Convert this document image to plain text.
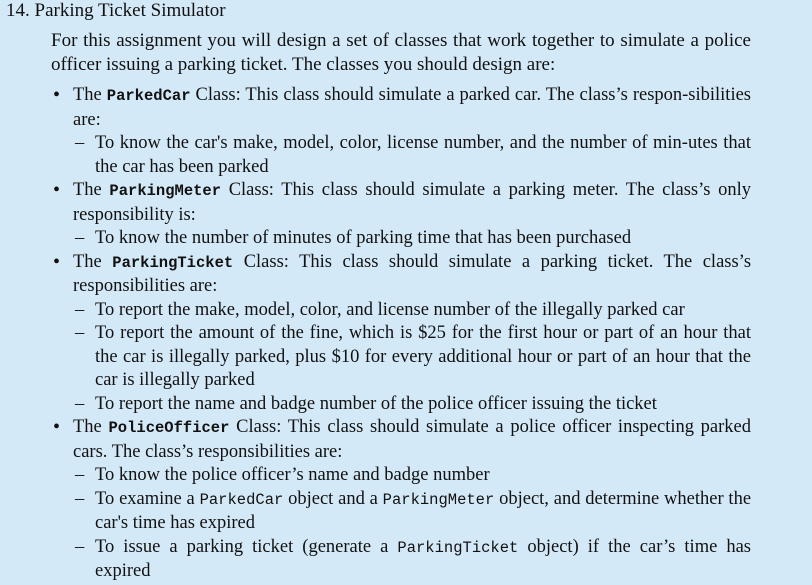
14. Parking Ticket Simulator
For this assignment you will design a set of classes that work together to simulate a police officer issuing a parking ticket. The classes you should design are:
• The ParkedCar Class: This class should simulate a parked car. The class’s respon-sibilities are:
– To know the car's make, model, color, license number, and the number of min-utes that the car has been parked
• The ParkingMeter Class: This class should simulate a parking meter. The class’s only responsibility is:
– To know the number of minutes of parking time that has been purchased
• The ParkingTicket Class: This class should simulate a parking ticket. The class’s responsibilities are:
– To report the make, model, color, and license number of the illegally parked car
– To report the amount of the fine, which is $25 for the first hour or part of an hour that the car is illegally parked, plus $10 for every additional hour or part of an hour that the car is illegally parked
– To report the name and badge number of the police officer issuing the ticket
• The PoliceOfficer Class: This class should simulate a police officer inspecting parked cars. The class’s responsibilities are:
– To know the police officer’s name and badge number
– To examine a ParkedCar object and a ParkingMeter object, and determine whether the car's time has expired
– To issue a parking ticket (generate a ParkingTicket object) if the car’s time has expired
